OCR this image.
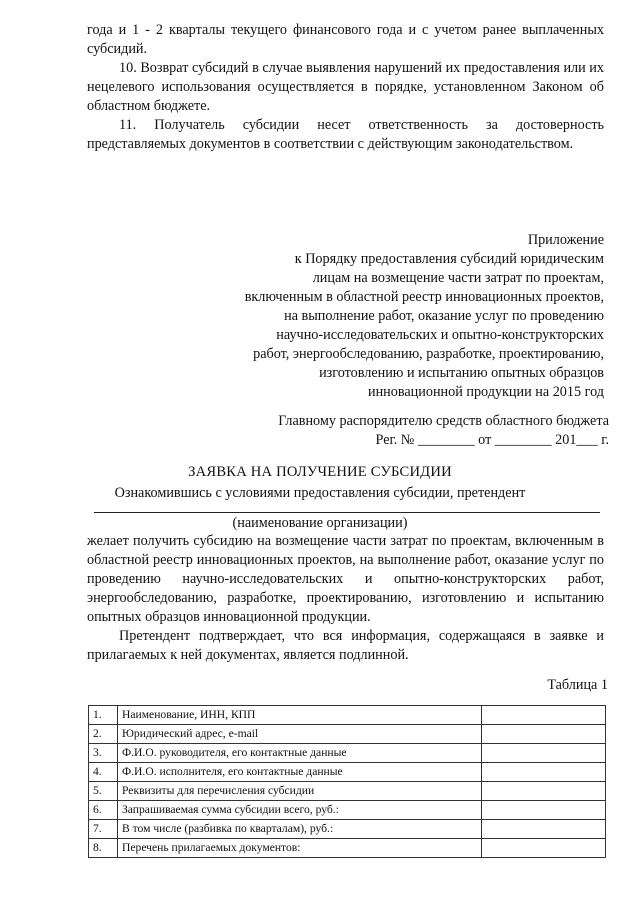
года и 1 - 2 кварталы текущего финансового года и с учетом ранее выплаченных субсидий.

10. Возврат субсидий в случае выявления нарушений их предоставления или их нецелевого использования осуществляется в порядке, установленном Законом об областном бюджете.

11. Получатель субсидии несет ответственность за достоверность представляемых документов в соответствии с действующим законодательством.

Приложение
к Порядку предоставления субсидий юридическим
лицам на возмещение части затрат по проектам,
включенным в областной реестр инновационных проектов,
на выполнение работ, оказание услуг по проведению
научно-исследовательских и опытно-конструкторских
работ, энергообследованию, разработке, проектированию,
изготовлению и испытанию опытных образцов
инновационной продукции на 2015 год
Главному распорядителю средств областного бюджета
Рег. № ________ от ________ 201___ г.
ЗАЯВКА НА ПОЛУЧЕНИЕ СУБСИДИИ
Ознакомившись с условиями предоставления субсидии, претендент
(наименование организации)

желает получить субсидию на возмещение части затрат по проектам, включенным в областной реестр инновационных проектов, на выполнение работ, оказание услуг по проведению научно-исследовательских и опытно-конструкторских работ, энергообследованию, разработке, проектированию, изготовлению и испытанию опытных образцов инновационной продукции.

Претендент подтверждает, что вся информация, содержащаяся в заявке и прилагаемых к ней документах, является подлинной.

Таблица 1
1.	Наименование, ИНН, КПП	
2.	Юридический адрес, e-mail	
3.	Ф.И.О. руководителя, его контактные данные	
4.	Ф.И.О. исполнителя, его контактные данные	
5.	Реквизиты для перечисления субсидии	
6.	Запрашиваемая сумма субсидии всего, руб.:	
7.	В том числе (разбивка по кварталам), руб.:	
8.	Перечень прилагаемых документов:	
